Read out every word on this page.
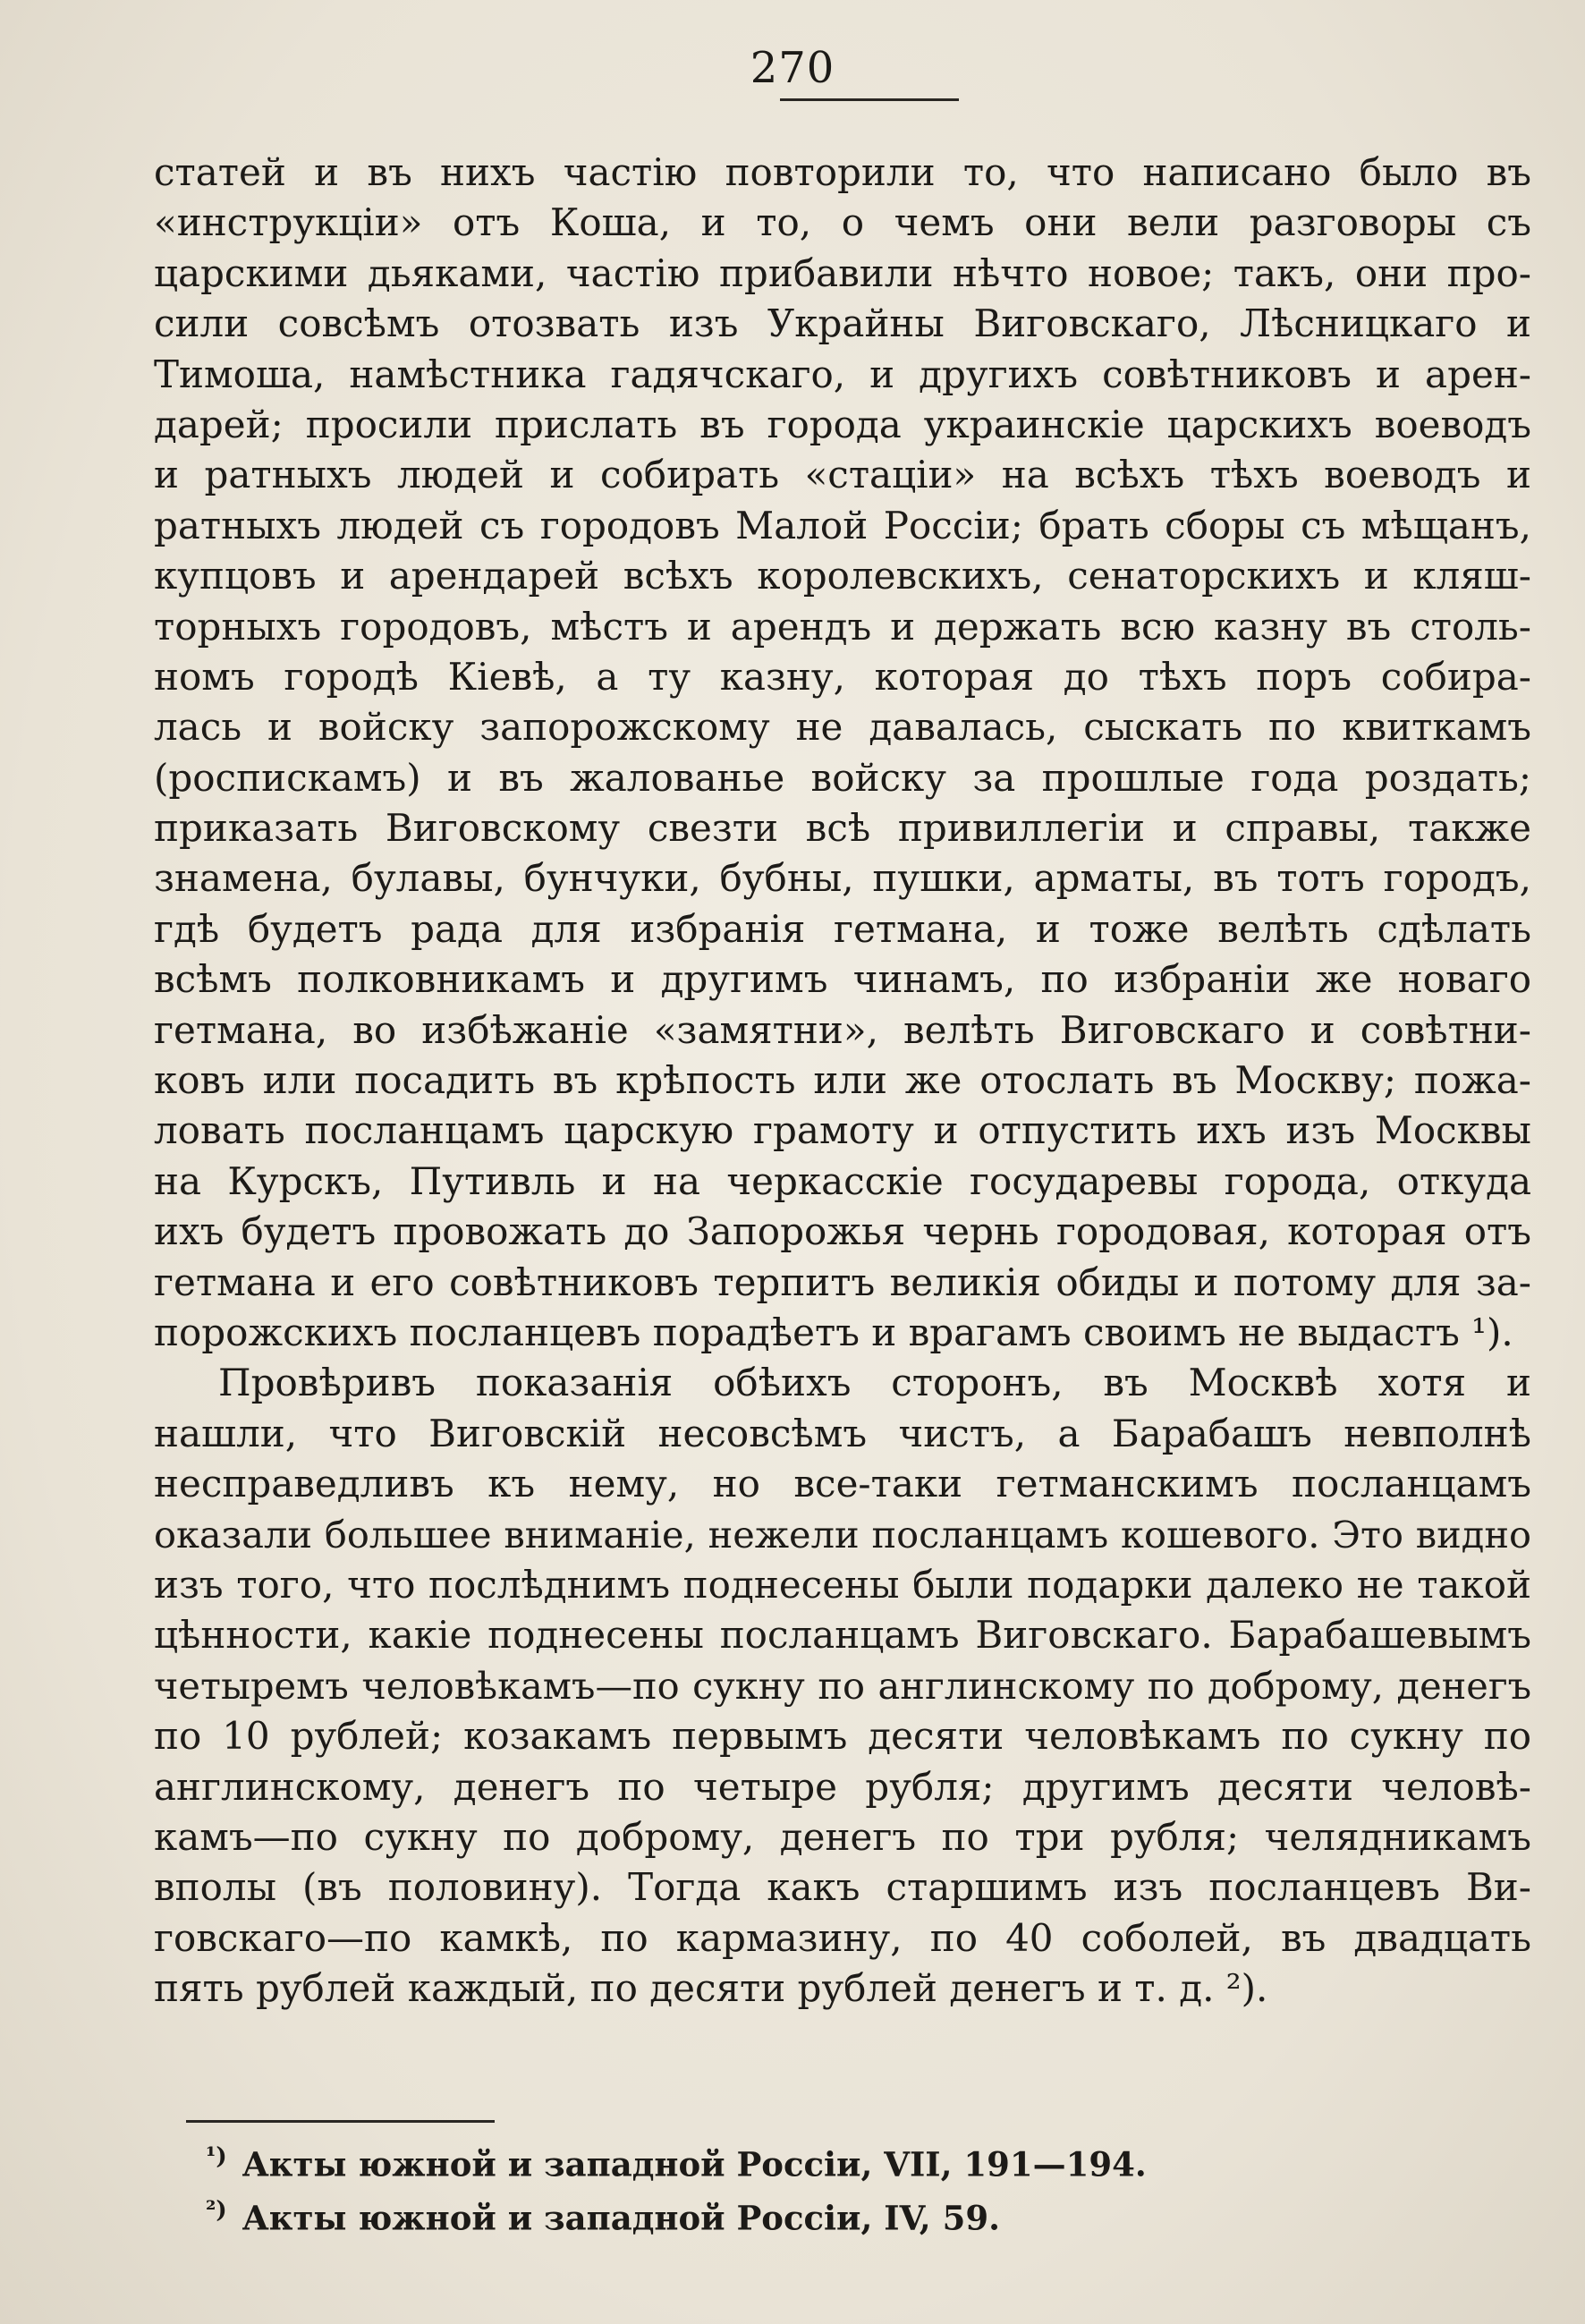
270
статей и въ нихъ частію повторили то, что написано было въ
«инструкціи» отъ Коша, и то, о чемъ они вели разговоры съ
царскими дьяками, частію прибавили нѣчто новое; такъ, они про-
сили совсѣмъ отозвать изъ Украйны Виговскаго, Лѣсницкаго и
Тимоша, намѣстника гадячскаго, и другихъ совѣтниковъ и арен-
дарей; просили прислать въ города украинскіе царскихъ воеводъ
и ратныхъ людей и собирать «стаціи» на всѣхъ тѣхъ воеводъ и
ратныхъ людей съ городовъ Малой Россіи; брать сборы съ мѣщанъ,
купцовъ и арендарей всѣхъ королевскихъ, сенаторскихъ и кляш-
торныхъ городовъ, мѣстъ и арендъ и держать всю казну въ столь-
номъ городѣ Кіевѣ, а ту казну, которая до тѣхъ поръ собира-
лась и войску запорожскому не давалась, сыскать по квиткамъ
(роспискамъ) и въ жалованье войску за прошлые года роздать;
приказать Виговскому свезти всѣ привиллегіи и справы, также
знамена, булавы, бунчуки, бубны, пушки, арматы, въ тотъ городъ,
гдѣ будетъ рада для избранія гетмана, и тоже велѣть сдѣлать
всѣмъ полковникамъ и другимъ чинамъ, по избраніи же новаго
гетмана, во избѣжаніе «замятни», велѣть Виговскаго и совѣтни-
ковъ или посадить въ крѣпость или же отослать въ Москву; пожа-
ловать посланцамъ царскую грамоту и отпустить ихъ изъ Москвы
на Курскъ, Путивль и на черкасскіе государевы города, откуда
ихъ будетъ провожать до Запорожья чернь городовая, которая отъ
гетмана и его совѣтниковъ терпитъ великія обиды и потому для за-
порожскихъ посланцевъ порадѣетъ и врагамъ своимъ не выдастъ ¹).
Провѣривъ показанія обѣихъ сторонъ, въ Москвѣ хотя и
нашли, что Виговскій несовсѣмъ чистъ, а Барабашъ невполнѣ
несправедливъ къ нему, но все-таки гетманскимъ посланцамъ
оказали большее вниманіе, нежели посланцамъ кошевого. Это видно
изъ того, что послѣднимъ поднесены были подарки далеко не такой
цѣнности, какіе поднесены посланцамъ Виговскаго. Барабашевымъ
четыремъ человѣкамъ—по сукну по англинскому по доброму, денегъ
по 10 рублей; козакамъ первымъ десяти человѣкамъ по сукну по
англинскому, денегъ по четыре рубля; другимъ десяти человѣ-
камъ—по сукну по доброму, денегъ по три рубля; челядникамъ
вполы (въ половину). Тогда какъ старшимъ изъ посланцевъ Ви-
говскаго—по камкѣ, по кармазину, по 40 соболей, въ двадцать
пять рублей каждый, по десяти рублей денегъ и т. д. ²).
$^{^1)}$ Акты южной и западной Россіи, VII, 191—194.
$^{^2)}$ Акты южной и западной Россіи, IV, 59.
